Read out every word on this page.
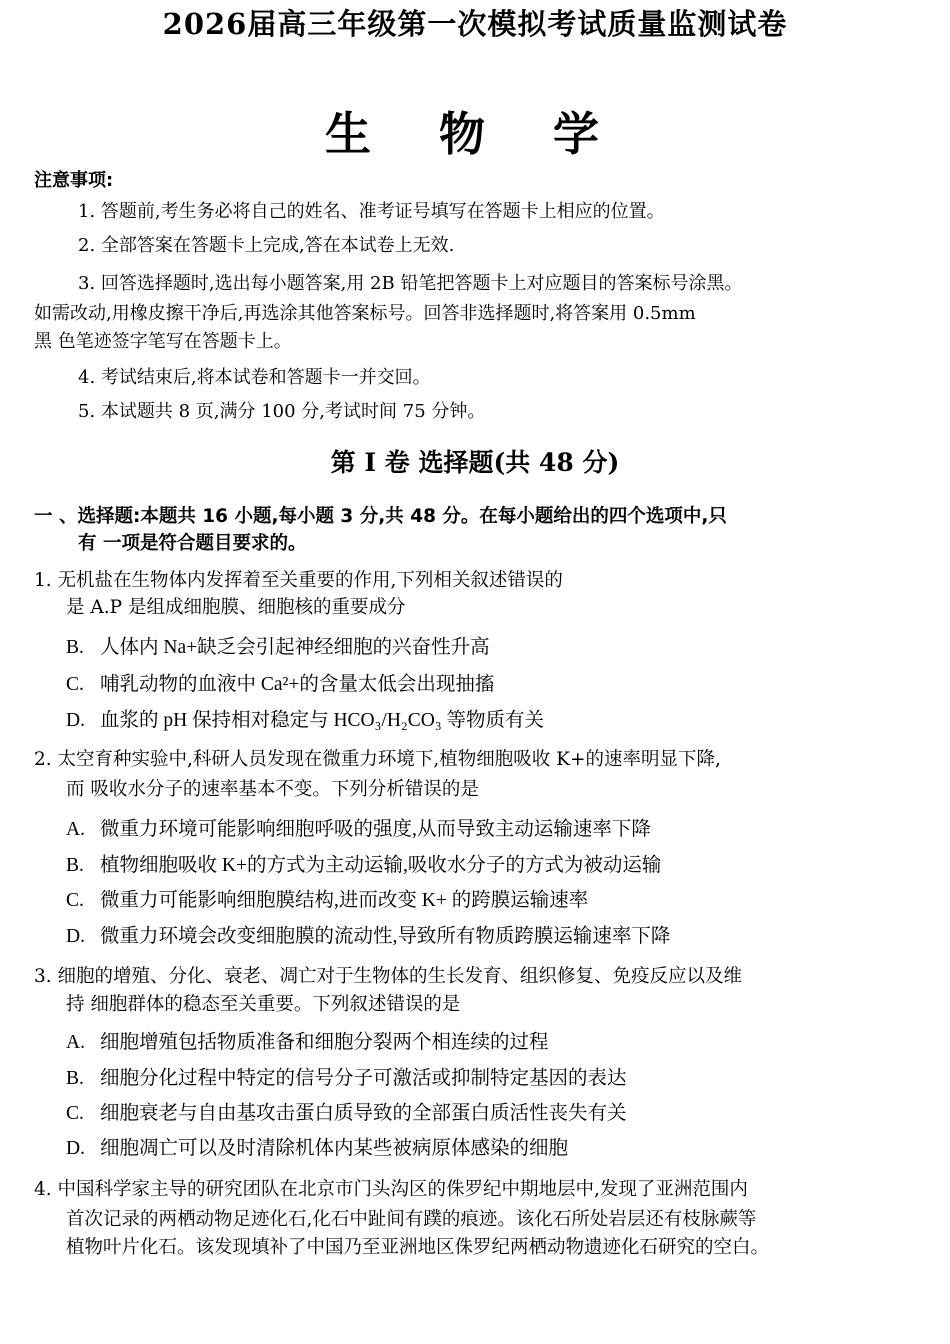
2026届高三年级第一次模拟考试质量监测试卷
生 物 学
注意事项:
1. 答题前,考生务必将自己的姓名、准考证号填写在答题卡上相应的位置。
2. 全部答案在答题卡上完成,答在本试卷上无效.
3. 回答选择题时,选出每小题答案,用 2B 铅笔把答题卡上对应题目的答案标号涂黑。
如需改动,用橡皮擦干净后,再选涂其他答案标号。回答非选择题时,将答案用 0.5mm
黑 色笔迹签字笔写在答题卡上。
4. 考试结束后,将本试卷和答题卡一并交回。
5. 本试题共 8 页,满分 100 分,考试时间 75 分钟。
第 I 卷 选择题(共 48 分)
一 、选择题:本题共 16 小题,每小题 3 分,共 48 分。在每小题给出的四个选项中,只
有 一项是符合题目要求的。
1. 无机盐在生物体内发挥着至关重要的作用,下列相关叙述错误的
是 A.P 是组成细胞膜、细胞核的重要成分
B. 人体内 Na+缺乏会引起神经细胞的兴奋性升高
C. 哺乳动物的血液中 Ca²+的含量太低会出现抽搐
D. 血浆的 pH 保持相对稳定与 HCO₃/H₂CO₃ 等物质有关
2. 太空育种实验中,科研人员发现在微重力环境下,植物细胞吸收 K+的速率明显下降,
而 吸收水分子的速率基本不变。下列分析错误的是
A. 微重力环境可能影响细胞呼吸的强度,从而导致主动运输速率下降
B. 植物细胞吸收 K+的方式为主动运输,吸收水分子的方式为被动运输
C. 微重力可能影响细胞膜结构,进而改变 K+ 的跨膜运输速率
D. 微重力环境会改变细胞膜的流动性,导致所有物质跨膜运输速率下降
3. 细胞的增殖、分化、衰老、凋亡对于生物体的生长发育、组织修复、免疫反应以及维
持 细胞群体的稳态至关重要。下列叙述错误的是
A. 细胞增殖包括物质准备和细胞分裂两个相连续的过程
B. 细胞分化过程中特定的信号分子可激活或抑制特定基因的表达
C. 细胞衰老与自由基攻击蛋白质导致的全部蛋白质活性丧失有关
D. 细胞凋亡可以及时清除机体内某些被病原体感染的细胞
4. 中国科学家主导的研究团队在北京市门头沟区的侏罗纪中期地层中,发现了亚洲范围内
首次记录的两栖动物足迹化石,化石中趾间有蹼的痕迹。该化石所处岩层还有枝脉蕨等
植物叶片化石。该发现填补了中国乃至亚洲地区侏罗纪两栖动物遗迹化石研究的空白。
